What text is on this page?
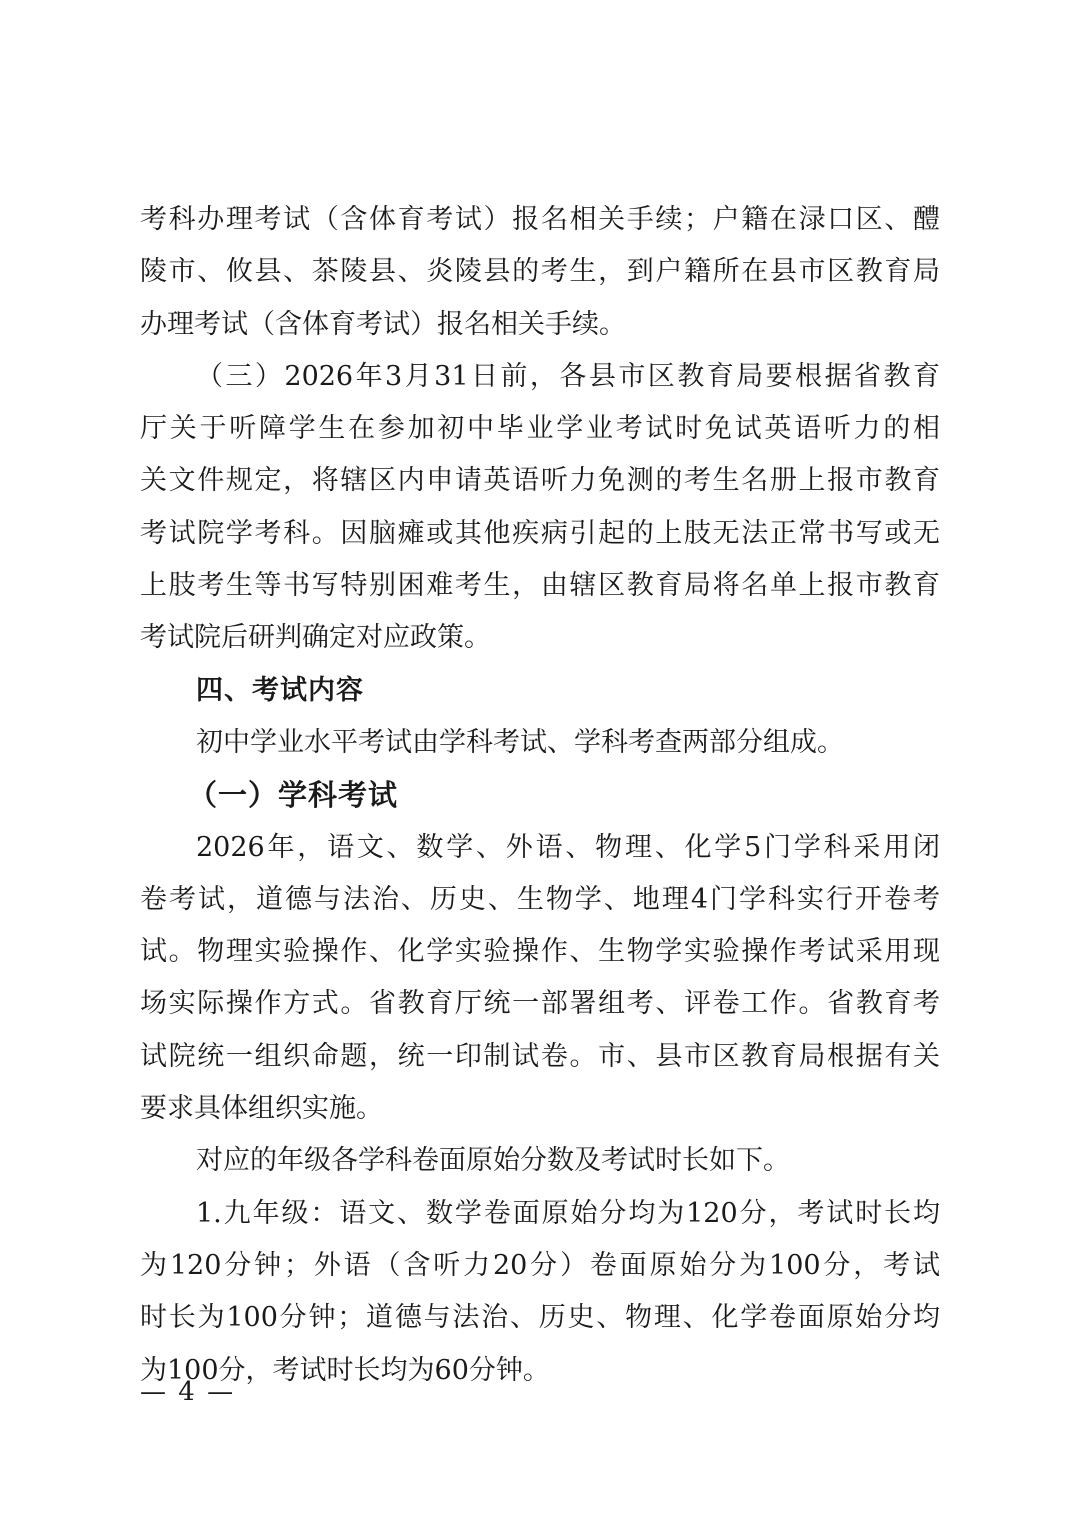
考科办理考试（含体育考试）报名相关手续；户籍在渌口区、醴
陵市、攸县、茶陵县、炎陵县的考生，到户籍所在县市区教育局
办理考试（含体育考试）报名相关手续。
（三）2026年3月31日前，各县市区教育局要根据省教育
厅关于听障学生在参加初中毕业学业考试时免试英语听力的相
关文件规定，将辖区内申请英语听力免测的考生名册上报市教育
考试院学考科。因脑瘫或其他疾病引起的上肢无法正常书写或无
上肢考生等书写特别困难考生，由辖区教育局将名单上报市教育
考试院后研判确定对应政策。
四、考试内容
初中学业水平考试由学科考试、学科考查两部分组成。
（一）学科考试
2026年，语文、数学、外语、物理、化学5门学科采用闭
卷考试，道德与法治、历史、生物学、地理4门学科实行开卷考
试。物理实验操作、化学实验操作、生物学实验操作考试采用现
场实际操作方式。省教育厅统一部署组考、评卷工作。省教育考
试院统一组织命题，统一印制试卷。市、县市区教育局根据有关
要求具体组织实施。
对应的年级各学科卷面原始分数及考试时长如下。
1.九年级：语文、数学卷面原始分均为120分，考试时长均
为120分钟；外语（含听力20分）卷面原始分为100分，考试
时长为100分钟；道德与法治、历史、物理、化学卷面原始分均
为100分，考试时长均为60分钟。
— 4 —
